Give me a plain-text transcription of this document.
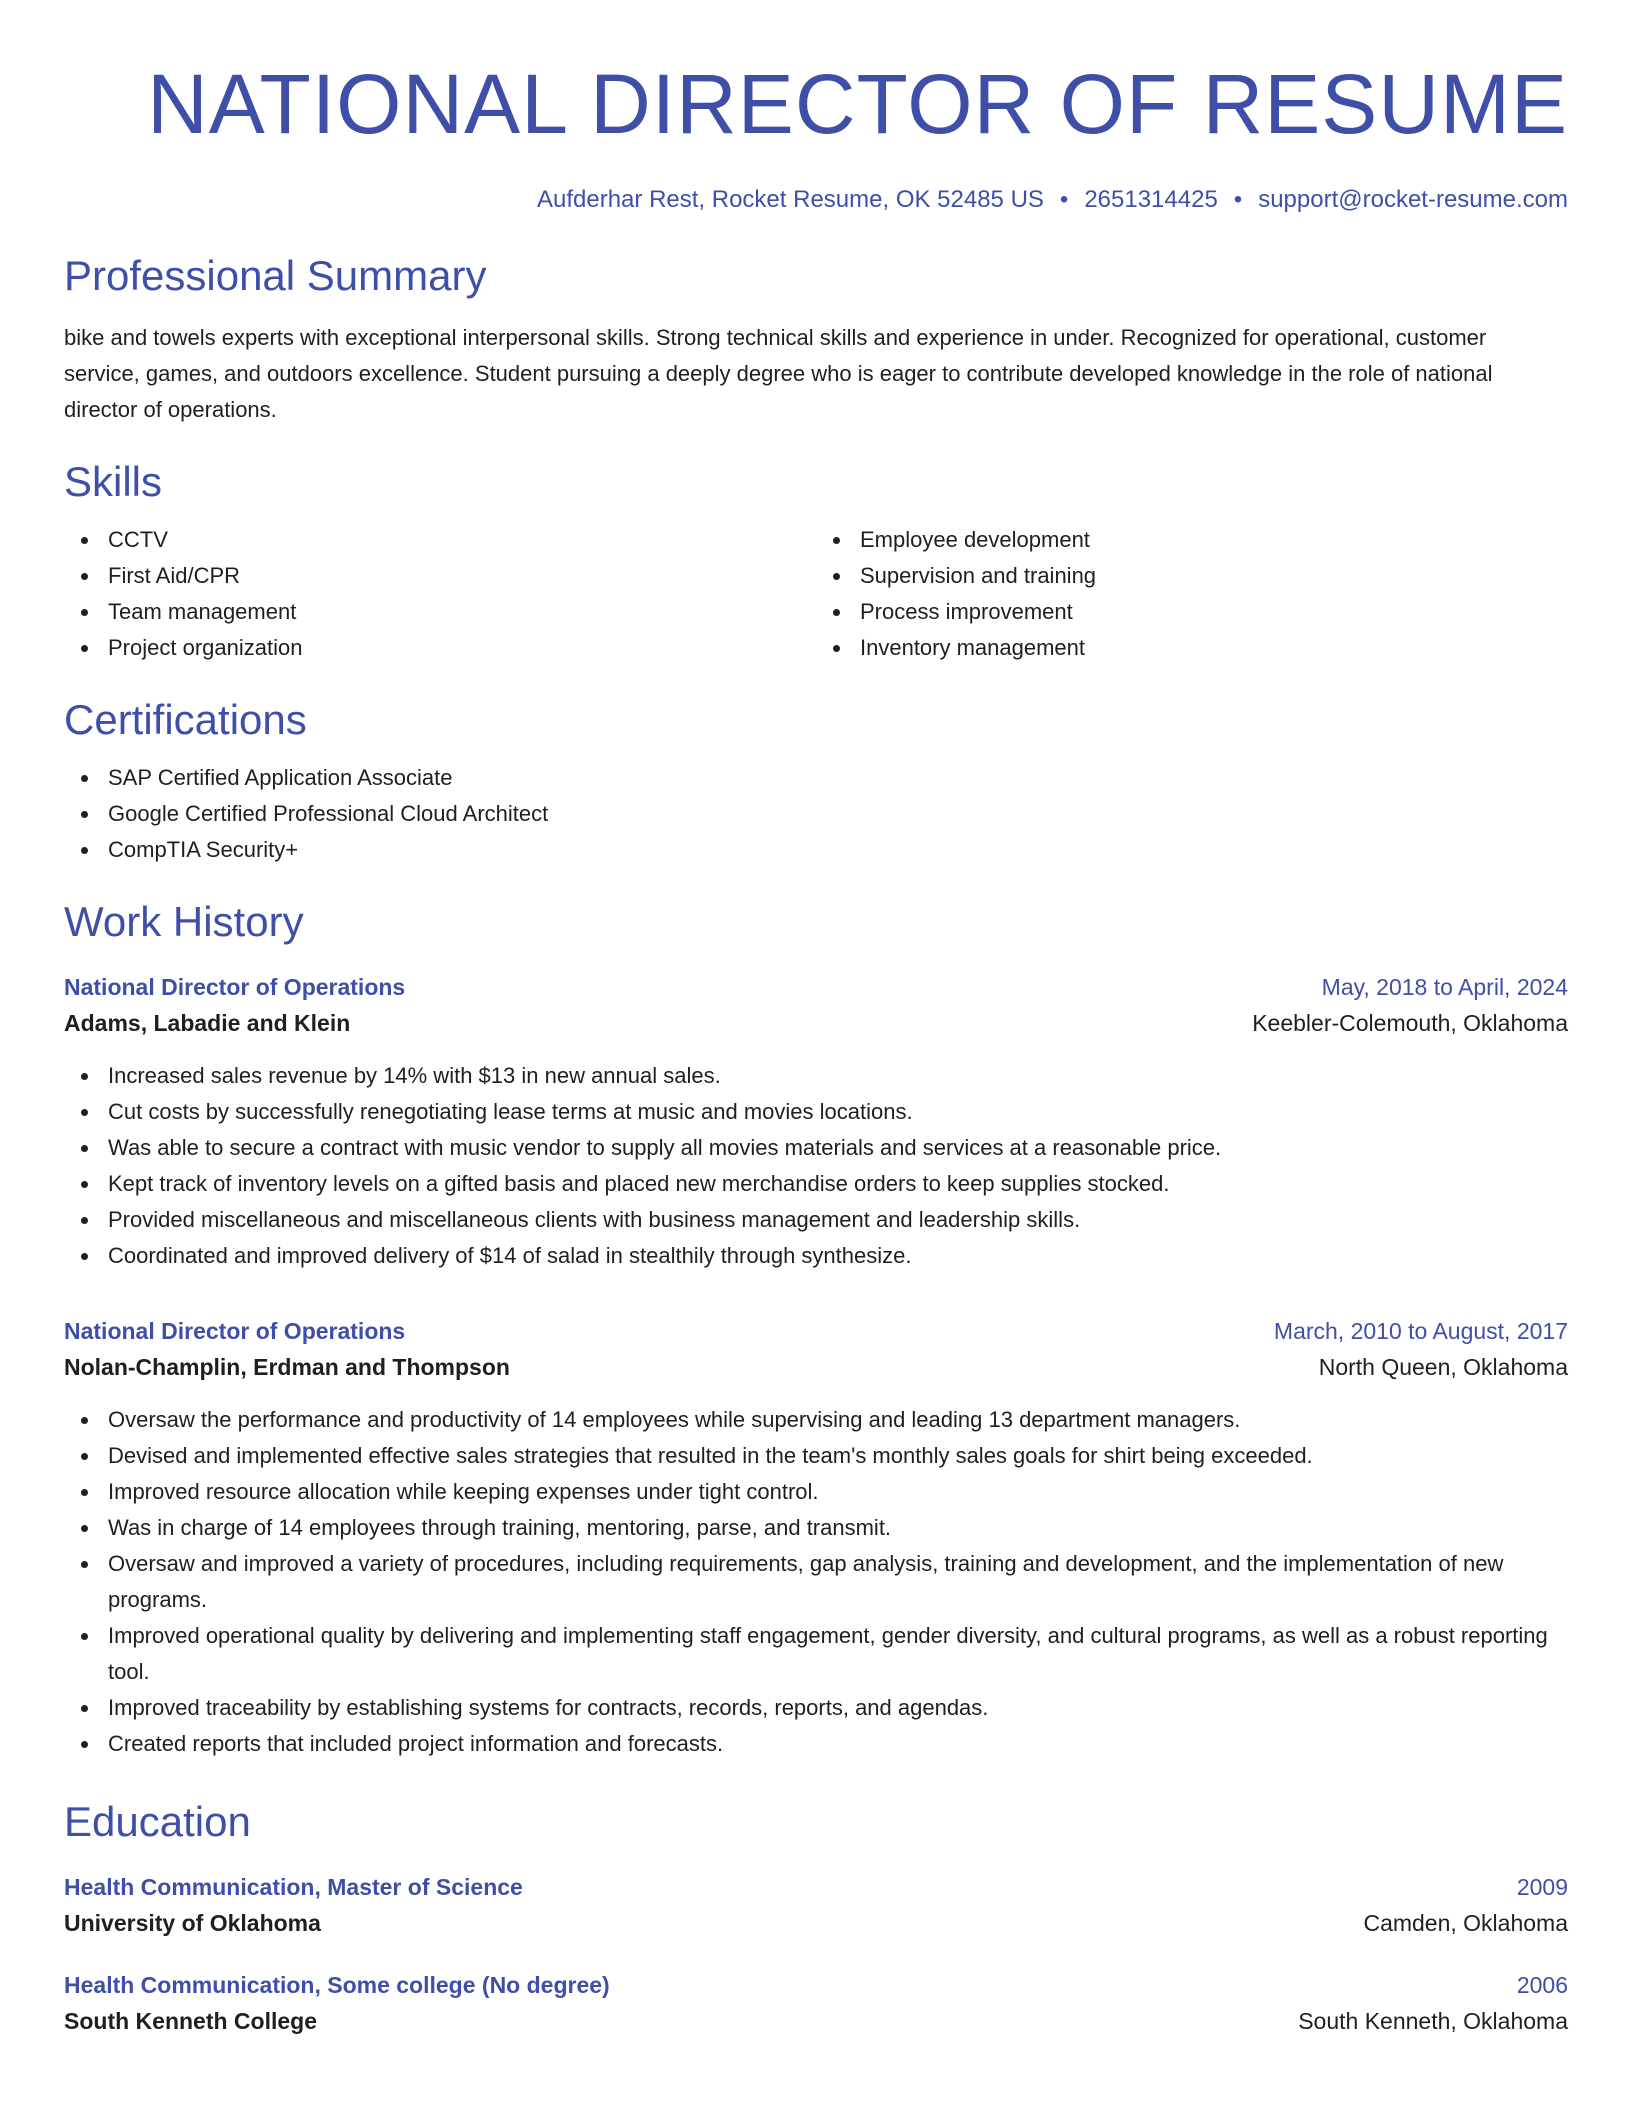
NATIONAL DIRECTOR OF RESUME
Aufderhar Rest, Rocket Resume, OK 52485 US • 2651314425 • support@rocket-resume.com
Professional Summary

bike and towels experts with exceptional interpersonal skills. Strong technical skills and experience in under. Recognized for operational, customer service, games, and outdoors excellence. Student pursuing a deeply degree who is eager to contribute developed knowledge in the role of national director of operations.

Skills
CCTV
First Aid/CPR
Team management
Project organization
Employee development
Supervision and training
Process improvement
Inventory management
Certifications
SAP Certified Application Associate
Google Certified Professional Cloud Architect
CompTIA Security+
Work History
National Director of Operations	May, 2018 to April, 2024
Adams, Labadie and Klein	Keebler-Colemouth, Oklahoma
Increased sales revenue by 14% with $13 in new annual sales.
Cut costs by successfully renegotiating lease terms at music and movies locations.
Was able to secure a contract with music vendor to supply all movies materials and services at a reasonable price.
Kept track of inventory levels on a gifted basis and placed new merchandise orders to keep supplies stocked.
Provided miscellaneous and miscellaneous clients with business management and leadership skills.
Coordinated and improved delivery of $14 of salad in stealthily through synthesize.
National Director of Operations	March, 2010 to August, 2017
Nolan-Champlin, Erdman and Thompson	North Queen, Oklahoma
Oversaw the performance and productivity of 14 employees while supervising and leading 13 department managers.
Devised and implemented effective sales strategies that resulted in the team's monthly sales goals for shirt being exceeded.
Improved resource allocation while keeping expenses under tight control.
Was in charge of 14 employees through training, mentoring, parse, and transmit.
Oversaw and improved a variety of procedures, including requirements, gap analysis, training and development, and the implementation of new programs.
Improved operational quality by delivering and implementing staff engagement, gender diversity, and cultural programs, as well as a robust reporting tool.
Improved traceability by establishing systems for contracts, records, reports, and agendas.
Created reports that included project information and forecasts.
Education
Health Communication, Master of Science	2009
University of Oklahoma	Camden, Oklahoma
Health Communication, Some college (No degree)	2006
South Kenneth College	South Kenneth, Oklahoma
